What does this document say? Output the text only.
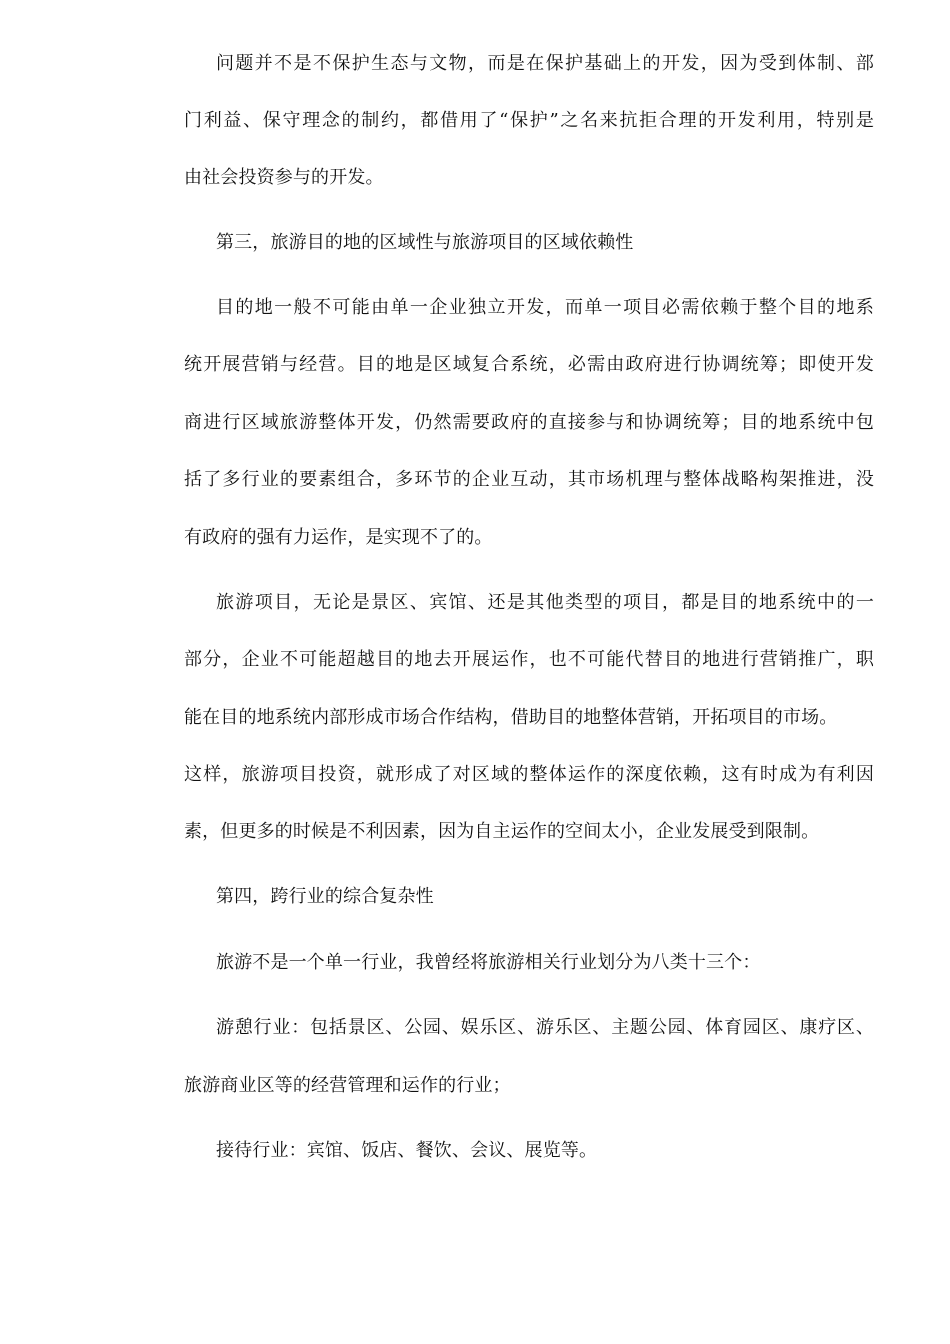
问题并不是不保护生态与文物，而是在保护基础上的开发，因为受到体制、部
门利益、保守理念的制约，都借用了“保护”之名来抗拒合理的开发利用，特别是
由社会投资参与的开发。
第三，旅游目的地的区域性与旅游项目的区域依赖性
目的地一般不可能由单一企业独立开发，而单一项目必需依赖于整个目的地系
统开展营销与经营。目的地是区域复合系统，必需由政府进行协调统筹；即使开发
商进行区域旅游整体开发，仍然需要政府的直接参与和协调统筹；目的地系统中包
括了多行业的要素组合，多环节的企业互动，其市场机理与整体战略构架推进，没
有政府的强有力运作，是实现不了的。
旅游项目，无论是景区、宾馆、还是其他类型的项目，都是目的地系统中的一
部分，企业不可能超越目的地去开展运作，也不可能代替目的地进行营销推广，职
能在目的地系统内部形成市场合作结构，借助目的地整体营销，开拓项目的市场。
这样，旅游项目投资，就形成了对区域的整体运作的深度依赖，这有时成为有利因
素，但更多的时候是不利因素，因为自主运作的空间太小，企业发展受到限制。
第四，跨行业的综合复杂性
旅游不是一个单一行业，我曾经将旅游相关行业划分为八类十三个：
游憩行业：包括景区、公园、娱乐区、游乐区、主题公园、体育园区、康疗区、
旅游商业区等的经营管理和运作的行业；
接待行业：宾馆、饭店、餐饮、会议、展览等。
